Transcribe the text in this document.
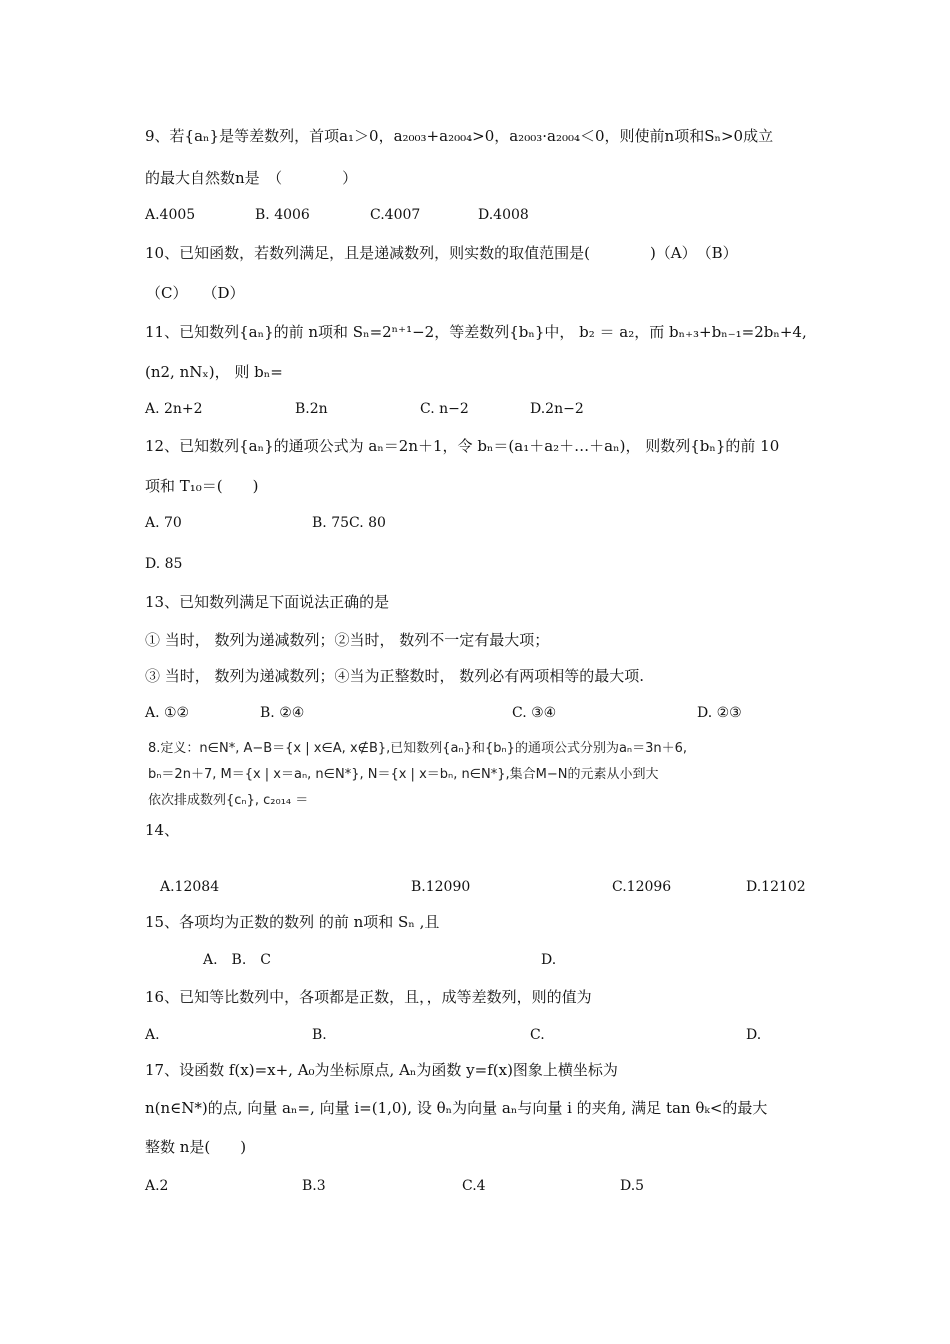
9、若{aₙ}是等差数列，首项a₁＞0，a₂₀₀₃+a₂₀₀₄>0，a₂₀₀₃·a₂₀₀₄＜0，则使前n项和Sₙ>0成立
的最大自然数n是　（　　　　）
A.4005	B. 4006	C.4007	D.4008
10、已知函数，若数列满足，且是递减数列，则实数的取值范围是(　　　　)（A）　（B）
（C）　　（D）
11、已知数列{aₙ}的前 n项和 Sₙ=2ⁿ⁺¹−2，等差数列{bₙ}中， b₂ ＝ a₂，而 bₙ₊₃+bₙ₋₁=2bₙ+4,
(n2, nNₓ)， 则 bₙ=
A. 2n+2	B.2n	C. n−2	D.2n−2
12、已知数列{aₙ}的通项公式为 aₙ＝2n＋1，令 bₙ＝(a₁＋a₂＋…＋aₙ)， 则数列{bₙ}的前 10
项和 T₁₀＝(　　)
A. 70	B. 75C. 80
D. 85
13、已知数列满足下面说法正确的是
① 当时， 数列为递减数列；②当时， 数列不一定有最大项；
③ 当时， 数列为递减数列；④当为正整数时， 数列必有两项相等的最大项.
A. ①②	B. ②④	C. ③④	D. ②③
8.定义：n∈N*, A−B＝{x | x∈A, x∉B},已知数列{aₙ}和{bₙ}的通项公式分别为aₙ＝3n＋6,
bₙ＝2n＋7, M＝{x | x＝aₙ, n∈N*}, N＝{x | x＝bₙ, n∈N*},集合M−N的元素从小到大
依次排成数列{cₙ}, c₂₀₁₄ ＝
14、
A.12084	B.12090	C.12096	D.12102
15、各项均为正数的数列 的前 n项和 Sₙ ,且
A.　B.　C	D.
16、已知等比数列中，各项都是正数，且，，成等差数列，则的值为
A.	B.	C.	D.
17、设函数 f(x)=x+, A₀为坐标原点, Aₙ为函数 y=f(x)图象上横坐标为
n(n∈N*)的点, 向量 aₙ=, 向量 i=(1,0), 设 θₙ为向量 aₙ与向量 i 的夹角, 满足 tan θₖ<的最大
整数 n是(　　)
A.2	B.3	C.4	D.5
